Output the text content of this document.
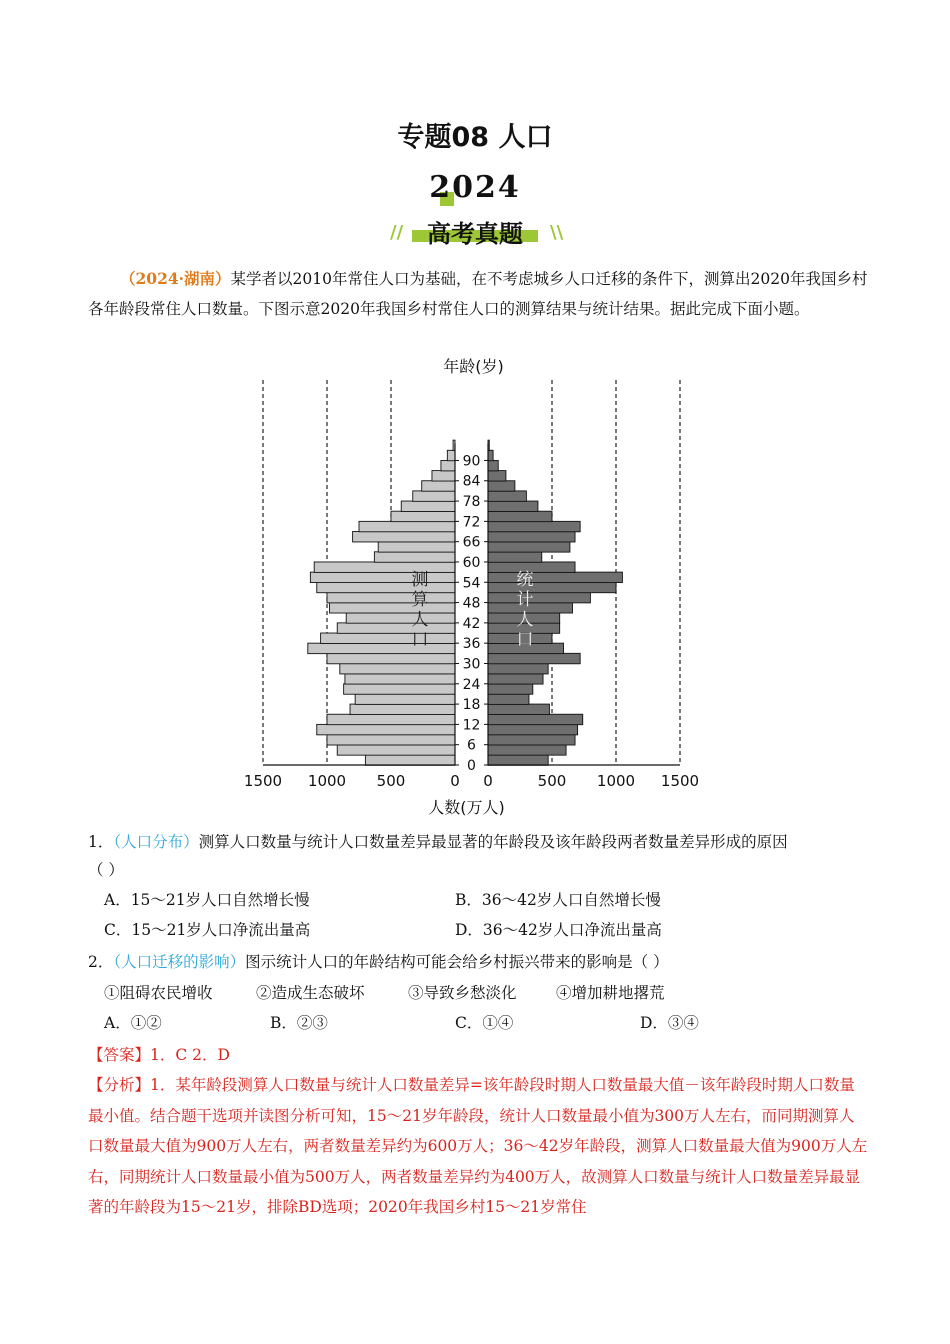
专题08 人口
2024
// 高考真题	\\
（2024·湖南）某学者以2010年常住人口为基础，在不考虑城乡人口迁移的条件下，测算出2020年我国乡村各年龄段常住人口数量。下图示意2020年我国乡村常住人口的测算结果与统计结果。据此完成下面小题。
0
6
12
18
24
30
36
42
48
54
60
66
72
78
84
90
1500 1000 500	0 0	500 1000 1500
年龄(岁)
人数(万人)
测
算
人
口
统
计
人
口
1．（人口分布）测算人口数量与统计人口数量差异最显著的年龄段及该年龄段两者数量差异形成的原因
（ ）
A．15～21岁人口自然增长慢	B．36～42岁人口自然增长慢
C．15～21岁人口净流出量高	D．36～42岁人口净流出量高
2．（人口迁移的影响）图示统计人口的年龄结构可能会给乡村振兴带来的影响是（ ）
①阻碍农民增收	②造成生态破坏	③导致乡愁淡化	④增加耕地撂荒
A．①②	B．②③	C．①④	D．③④
【答案】1．C 2．D
【分析】1．某年龄段测算人口数量与统计人口数量差异=该年龄段时期人口数量最大值－该年龄段时期人口数量最小值。结合题干选项并读图分析可知，15～21岁年龄段，统计人口数量最小值为300万人左右，而同期测算人口数量最大值为900万人左右，两者数量差异约为600万人；36～42岁年龄段，测算人口数量最大值为900万人左右，同期统计人口数量最小值为500万人，两者数量差异约为400万人，故测算人口数量与统计人口数量差异最显著的年龄段为15～21岁，排除BD选项；2020年我国乡村15～21岁常住
